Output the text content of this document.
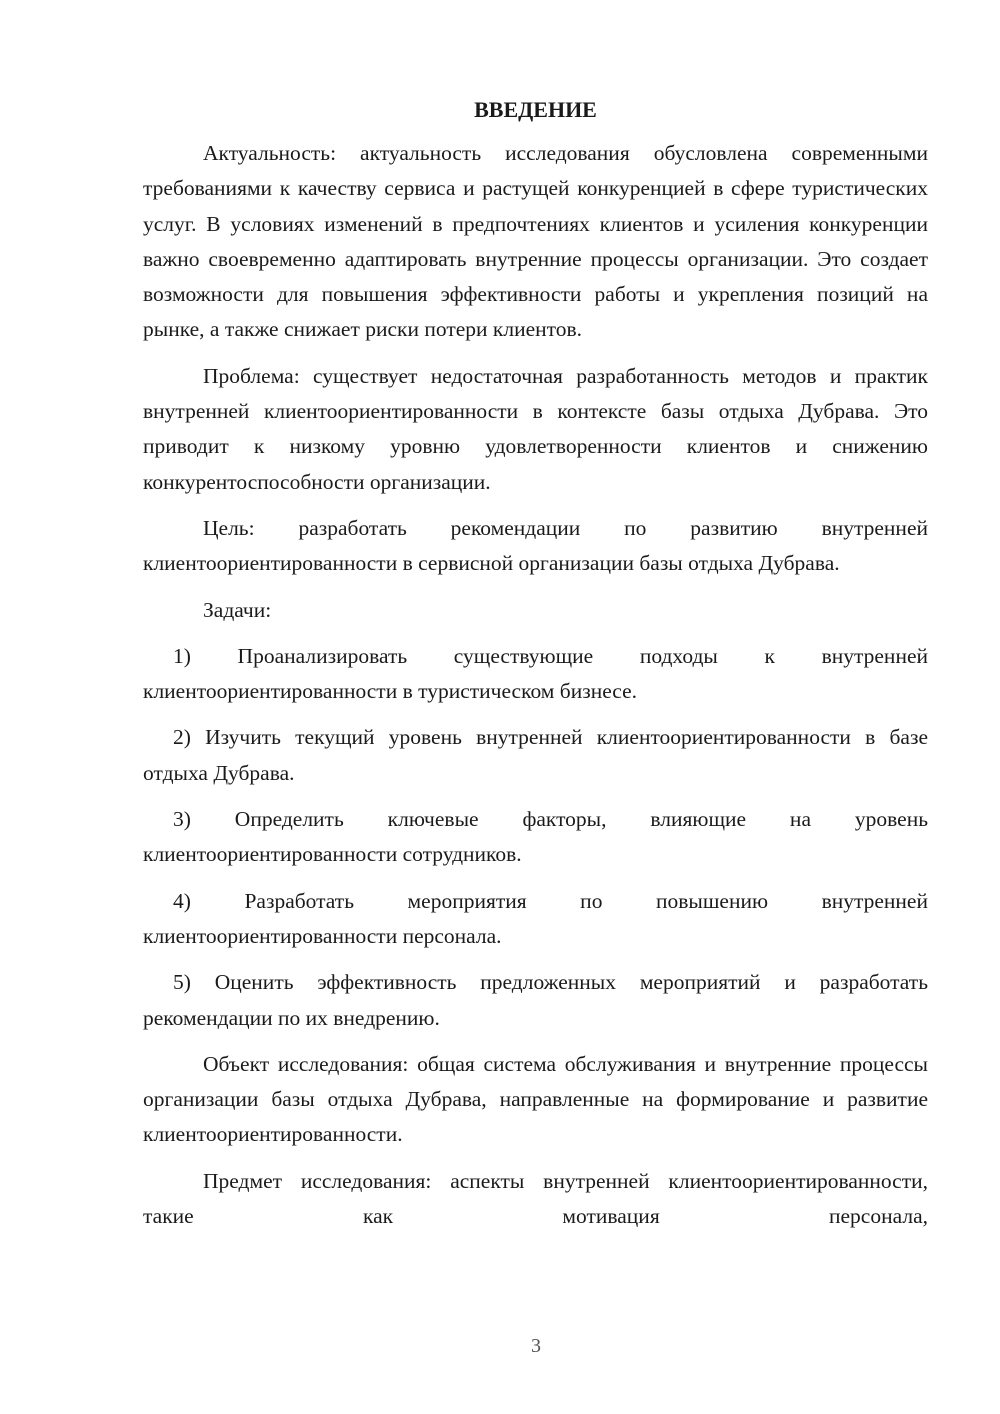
ВВЕДЕНИЕ

Актуальность: актуальность исследования обусловлена современными требованиями к качеству сервиса и растущей конкуренцией в сфере туристических услуг. В условиях изменений в предпочтениях клиентов и усиления конкуренции важно своевременно адаптировать внутренние процессы организации. Это создает возможности для повышения эффективности работы и укрепления позиций на рынке, а также снижает риски потери клиентов.

Проблема: существует недостаточная разработанность методов и практик внутренней клиентоориентированности в контексте базы отдыха Дубрава. Это приводит к низкому уровню удовлетворенности клиентов и снижению конкурентоспособности организации.

Цель: разработать рекомендации по развитию внутренней клиентоориентированности в сервисной организации базы отдыха Дубрава.

Задачи:

1) Проанализировать существующие подходы к внутренней клиентоориентированности в туристическом бизнесе.

2) Изучить текущий уровень внутренней клиентоориентированности в базе отдыха Дубрава.

3) Определить ключевые факторы, влияющие на уровень клиентоориентированности сотрудников.

4) Разработать мероприятия по повышению внутренней клиентоориентированности персонала.

5) Оценить эффективность предложенных мероприятий и разработать рекомендации по их внедрению.

Объект исследования: общая система обслуживания и внутренние процессы организации базы отдыха Дубрава, направленные на формирование и развитие клиентоориентированности.

Предмет исследования: аспекты внутренней клиентоориентированности, такие как мотивация персонала,

3
